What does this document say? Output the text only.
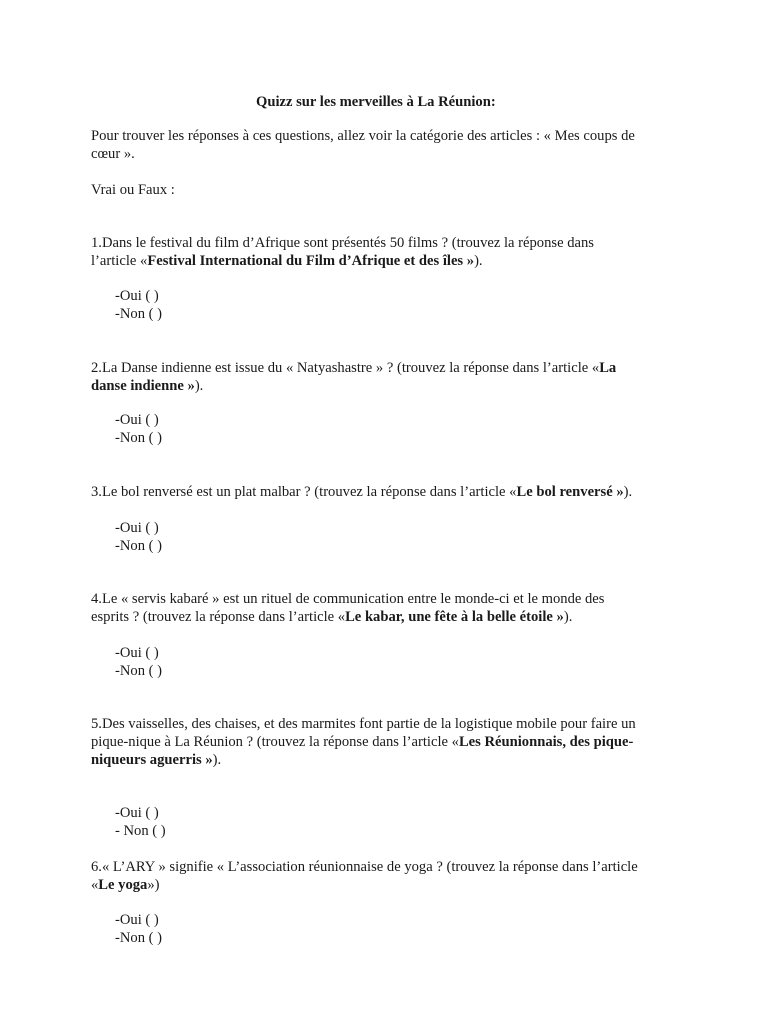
Quizz sur les merveilles à La Réunion:
Pour trouver les réponses à ces questions, allez voir la catégorie des articles : « Mes coups de
cœur ».
Vrai ou Faux :
1.Dans le festival du film d’Afrique sont présentés 50 films ? (trouvez la réponse dans
l’article «Festival International du Film d’Afrique et des îles »).
-Oui ( )
-Non ( )
2.La Danse indienne est issue du « Natyashastre » ? (trouvez la réponse dans l’article «La
danse indienne »).
-Oui ( )
-Non ( )
3.Le bol renversé est un plat malbar ? (trouvez la réponse dans l’article «Le bol renversé »).
-Oui ( )
-Non ( )
4.Le « servis kabaré » est un rituel de communication entre le monde-ci et le monde des
esprits ? (trouvez la réponse dans l’article «Le kabar, une fête à la belle étoile »).
-Oui ( )
-Non ( )
5.Des vaisselles, des chaises, et des marmites font partie de la logistique mobile pour faire un
pique-nique à La Réunion ? (trouvez la réponse dans l’article «Les Réunionnais, des pique-
niqueurs aguerris »).
-Oui ( )
- Non ( )
6.« L’ARY » signifie « L’association réunionnaise de yoga ? (trouvez la réponse dans l’article
«Le yoga»)
-Oui ( )
-Non ( )
